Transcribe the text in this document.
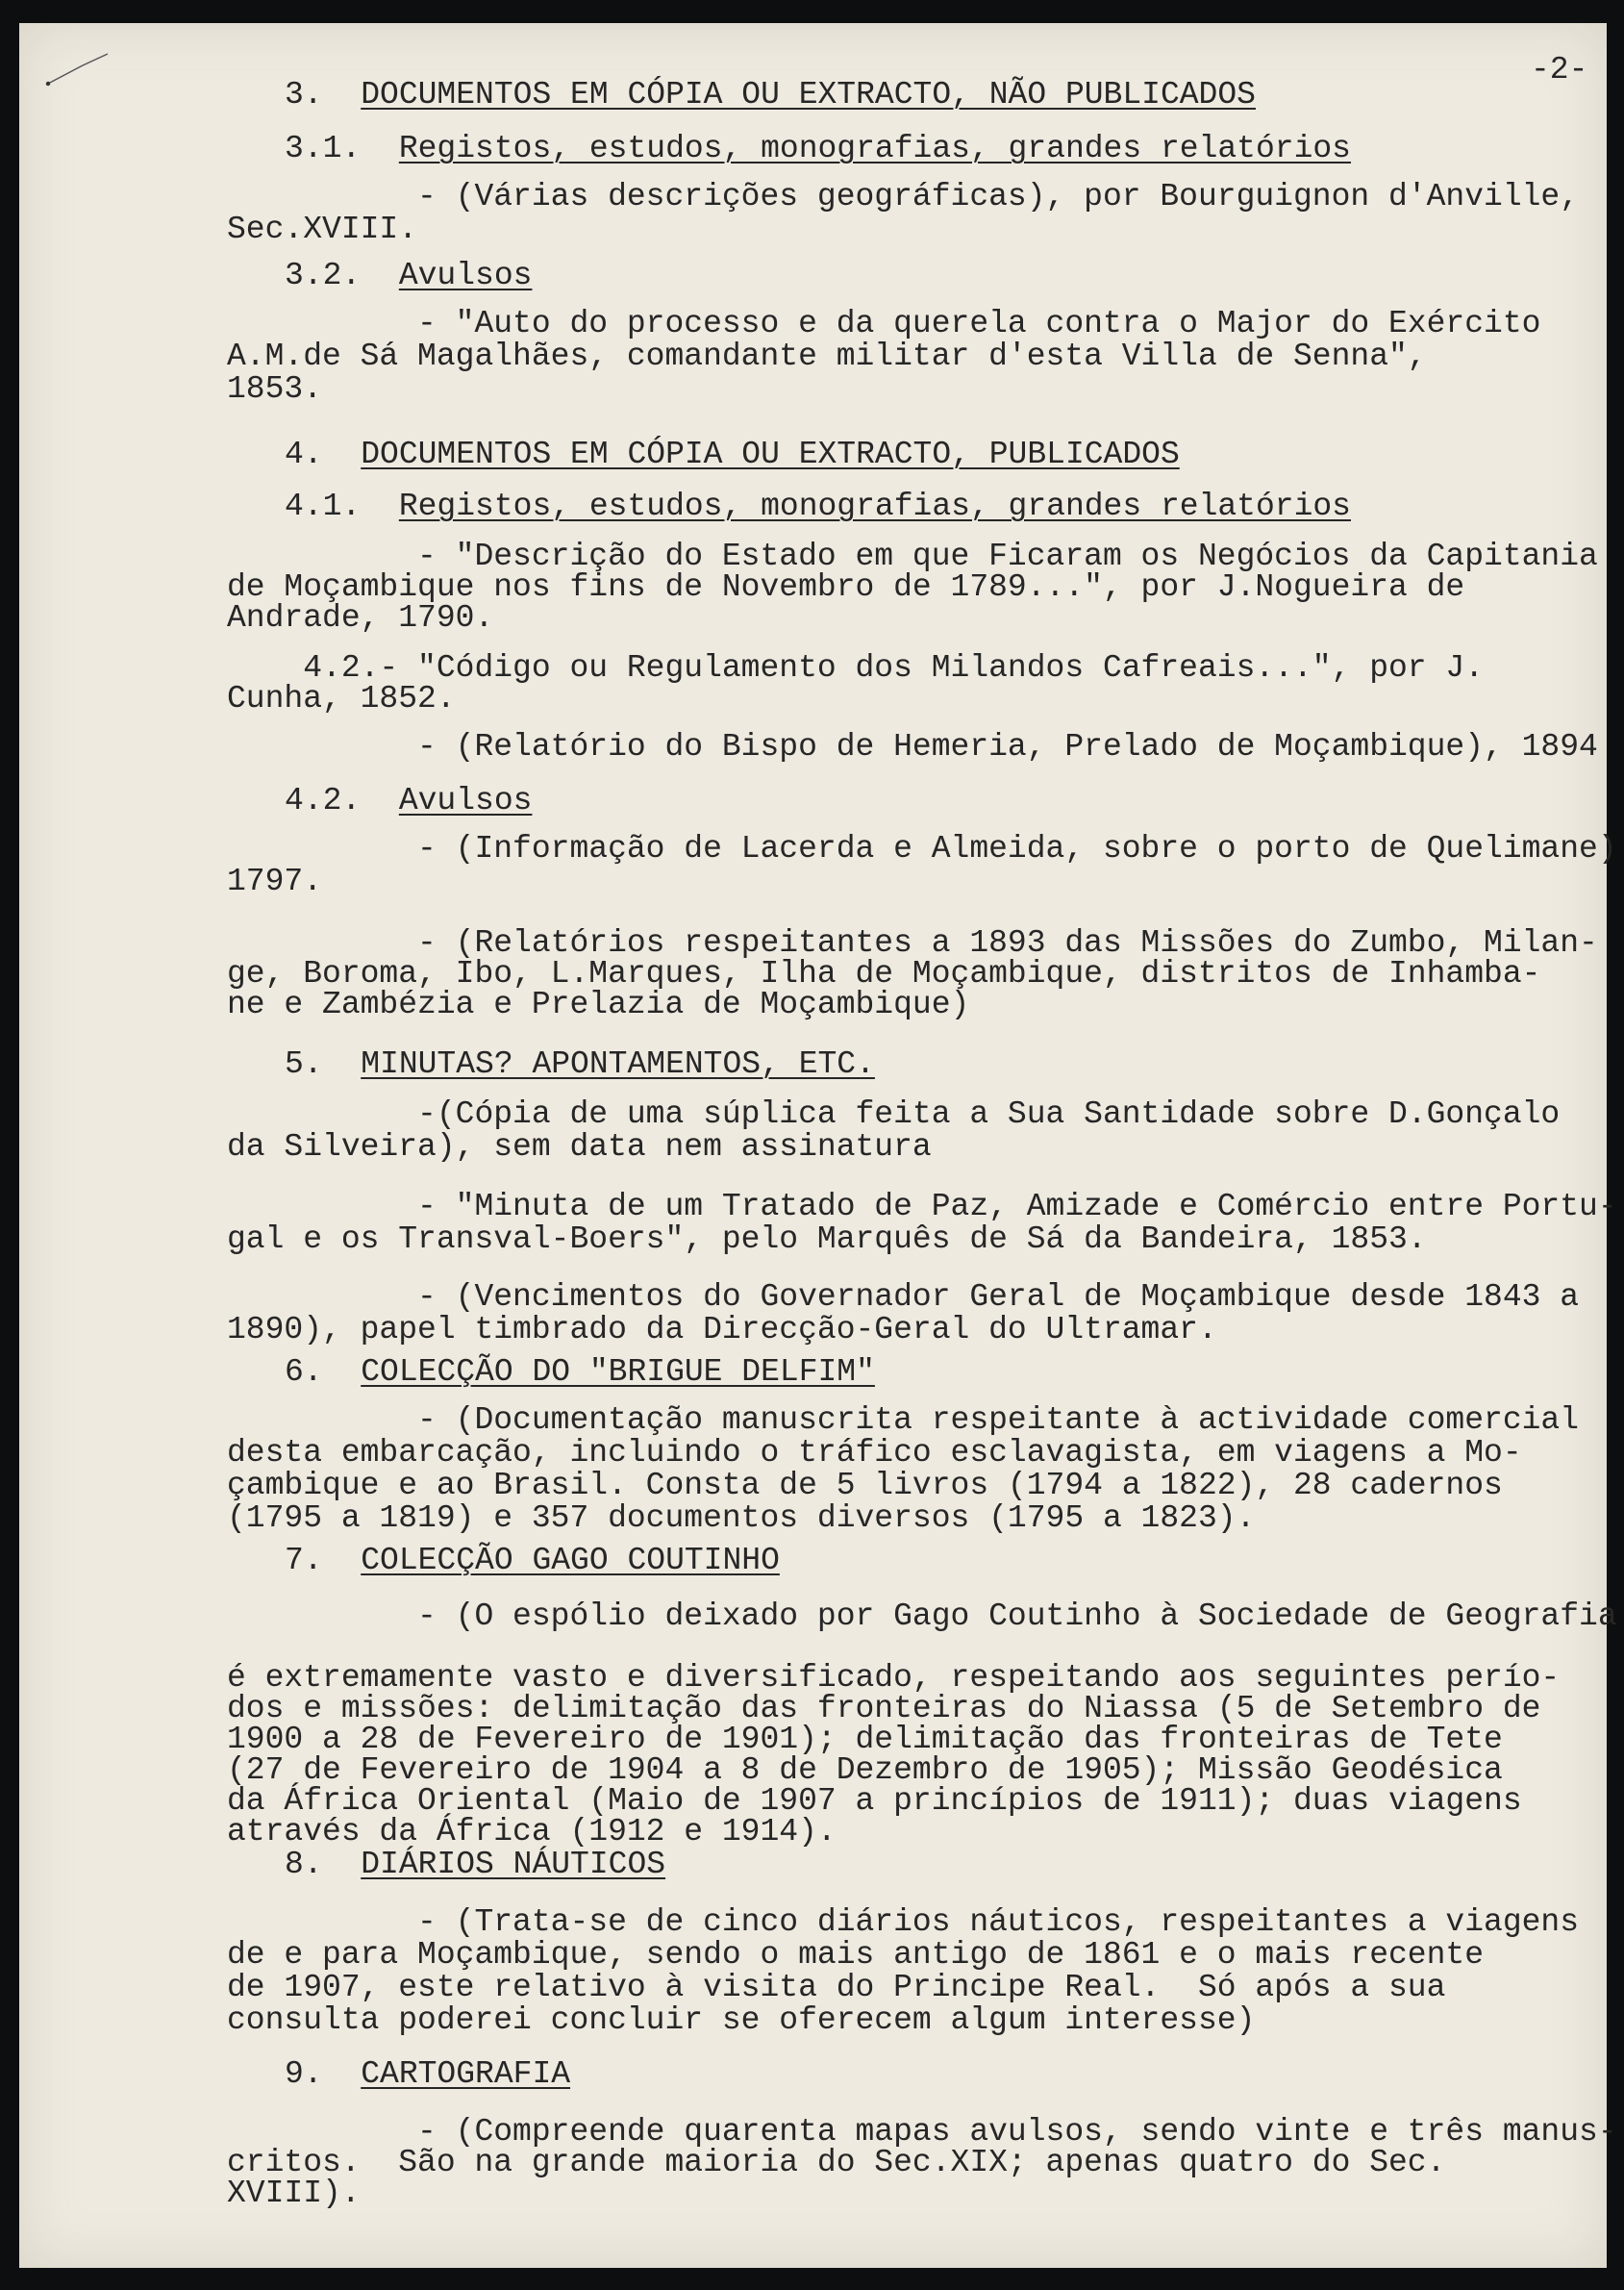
-2-
3. DOCUMENTOS EM CÓPIA OU EXTRACTO, NÃO PUBLICADOS
3.1. Registos, estudos, monografias, grandes relatórios
3.2. Avulsos
4. DOCUMENTOS EM CÓPIA OU EXTRACTO, PUBLICADOS
4.1. Registos, estudos, monografias, grandes relatórios
4.2. Avulsos
5. MINUTAS? APONTAMENTOS, ETC.
6. COLECÇÃO DO "BRIGUE DELFIM"
7. COLECÇÃO GAGO COUTINHO
8. DIÁRIOS NÁUTICOS
9. CARTOGRAFIA
- (Várias descrições geográficas), por Bourguignon d'Anville,
Sec.XVIII.
- "Auto do processo e da querela contra o Major do Exército
A.M.de Sá Magalhães, comandante militar d'esta Villa de Senna",
1853.
- "Descrição do Estado em que Ficaram os Negócios da Capitania
de Moçambique nos fins de Novembro de 1789...", por J.Nogueira de
Andrade, 1790.
4.2.- "Código ou Regulamento dos Milandos Cafreais...", por J.
Cunha, 1852.
- (Relatório do Bispo de Hemeria, Prelado de Moçambique), 1894
- (Informação de Lacerda e Almeida, sobre o porto de Quelimane)
1797.
- (Relatórios respeitantes a 1893 das Missões do Zumbo, Milan-
ge, Boroma, Ibo, L.Marques, Ilha de Moçambique, distritos de Inhamba-
ne e Zambézia e Prelazia de Moçambique)
-(Cópia de uma súplica feita a Sua Santidade sobre D.Gonçalo
da Silveira), sem data nem assinatura
- "Minuta de um Tratado de Paz, Amizade e Comércio entre Portu-
gal e os Transval-Boers", pelo Marquês de Sá da Bandeira, 1853.
- (Vencimentos do Governador Geral de Moçambique desde 1843 a
1890), papel timbrado da Direcção-Geral do Ultramar.
- (Documentação manuscrita respeitante à actividade comercial
desta embarcação, incluindo o tráfico esclavagista, em viagens a Mo-
çambique e ao Brasil. Consta de 5 livros (1794 a 1822), 28 cadernos
(1795 a 1819) e 357 documentos diversos (1795 a 1823).
- (O espólio deixado por Gago Coutinho à Sociedade de Geografia
é extremamente vasto e diversificado, respeitando aos seguintes perío-
dos e missões: delimitação das fronteiras do Niassa (5 de Setembro de
1900 a 28 de Fevereiro de 1901); delimitação das fronteiras de Tete
(27 de Fevereiro de 1904 a 8 de Dezembro de 1905); Missão Geodésica
da África Oriental (Maio de 1907 a princípios de 1911); duas viagens
através da África (1912 e 1914).
- (Trata-se de cinco diários náuticos, respeitantes a viagens
de e para Moçambique, sendo o mais antigo de 1861 e o mais recente
de 1907, este relativo à visita do Principe Real.  Só após a sua
consulta poderei concluir se oferecem algum interesse)
- (Compreende quarenta mapas avulsos, sendo vinte e três manus-
critos.  São na grande maioria do Sec.XIX; apenas quatro do Sec.
XVIII).
